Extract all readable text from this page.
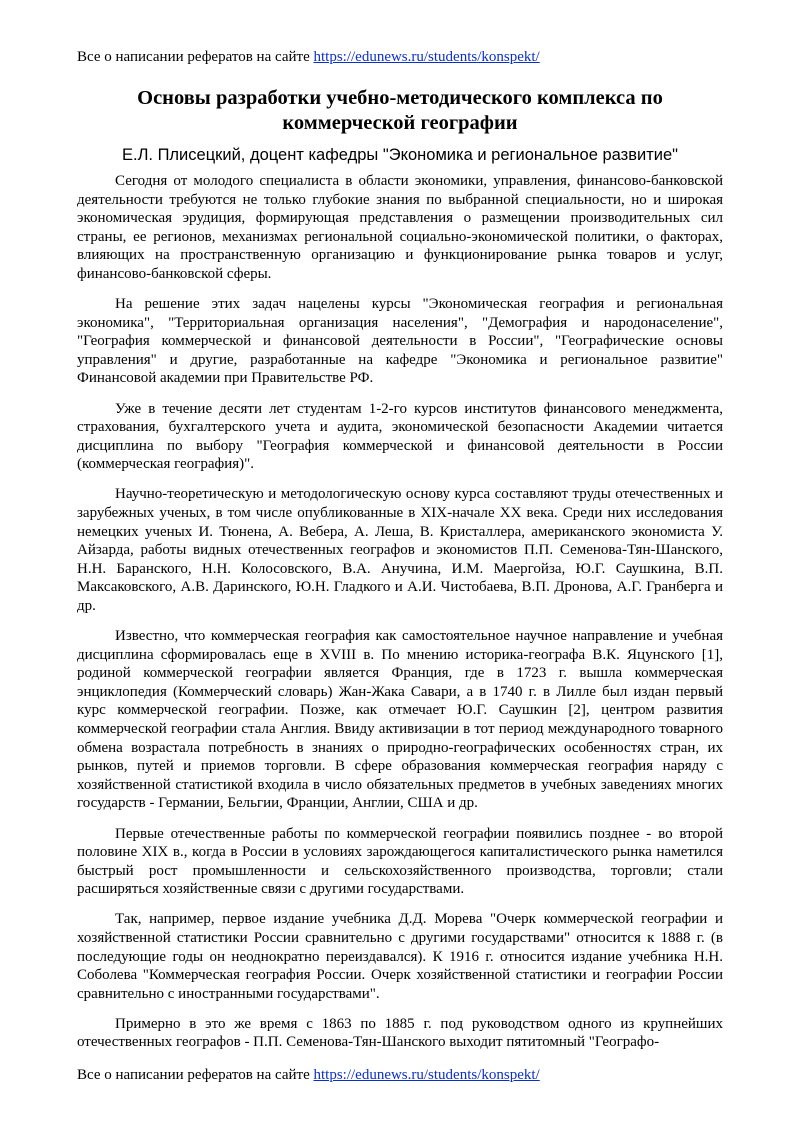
Все о написании рефератов на сайте https://edunews.ru/students/konspekt/
Основы разработки учебно-методического комплекса по коммерческой географии

Е.Л. Плисецкий, доцент кафедры "Экономика и региональное развитие"

Сегодня от молодого специалиста в области экономики, управления, финансово-банковской деятельности требуются не только глубокие знания по выбранной специальности, но и широкая экономическая эрудиция, формирующая представления о размещении производительных сил страны, ее регионов, механизмах региональной социально-экономической политики, о факторах, влияющих на пространственную организацию и функционирование рынка товаров и услуг, финансово-банковской сферы.

На решение этих задач нацелены курсы "Экономическая география и региональная экономика", "Территориальная организация населения", "Демография и народонаселение", "География коммерческой и финансовой деятельности в России", "Географические основы управления" и другие, разработанные на кафедре "Экономика и региональное развитие" Финансовой академии при Правительстве РФ.

Уже в течение десяти лет студентам 1-2-го курсов институтов финансового менеджмента, страхования, бухгалтерского учета и аудита, экономической безопасности Академии читается дисциплина по выбору "География коммерческой и финансовой деятельности в России (коммерческая география)".

Научно-теоретическую и методологическую основу курса составляют труды отечественных и зарубежных ученых, в том числе опубликованные в XIX-начале XX века. Среди них исследования немецких ученых И. Тюнена, А. Вебера, А. Леша, В. Кристаллера, американского экономиста У. Айзарда, работы видных отечественных географов и экономистов П.П. Семенова-Тян-Шанского, Н.Н. Баранского, Н.Н. Колосовского, В.А. Анучина, И.М. Маергойза, Ю.Г. Саушкина, В.П. Максаковского, А.В. Даринского, Ю.Н. Гладкого и А.И. Чистобаева, В.П. Дронова, А.Г. Гранберга и др.

Известно, что коммерческая география как самостоятельное научное направление и учебная дисциплина сформировалась еще в XVIII в. По мнению историка-географа В.К. Яцунского [1], родиной коммерческой географии является Франция, где в 1723 г. вышла коммерческая энциклопедия (Коммерческий словарь) Жан-Жака Савари, а в 1740 г. в Лилле был издан первый курс коммерческой географии. Позже, как отмечает Ю.Г. Саушкин [2], центром развития коммерческой географии стала Англия. Ввиду активизации в тот период международного товарного обмена возрастала потребность в знаниях о природно-географических особенностях стран, их рынков, путей и приемов торговли. В сфере образования коммерческая география наряду с хозяйственной статистикой входила в число обязательных предметов в учебных заведениях многих государств - Германии, Бельгии, Франции, Англии, США и др.

Первые отечественные работы по коммерческой географии появились позднее - во второй половине XIX в., когда в России в условиях зарождающегося капиталистического рынка наметился быстрый рост промышленности и сельскохозяйственного производства, торговли; стали расширяться хозяйственные связи с другими государствами.

Так, например, первое издание учебника Д.Д. Морева "Очерк коммерческой географии и хозяйственной статистики России сравнительно с другими государствами" относится к 1888 г. (в последующие годы он неоднократно переиздавался). К 1916 г. относится издание учебника Н.Н. Соболева "Коммерческая география России. Очерк хозяйственной статистики и географии России сравнительно с иностранными государствами".

Примерно в это же время с 1863 по 1885 г. под руководством одного из крупнейших отечественных географов - П.П. Семенова-Тян-Шанского выходит пятитомный "Географо-

Все о написании рефератов на сайте https://edunews.ru/students/konspekt/
